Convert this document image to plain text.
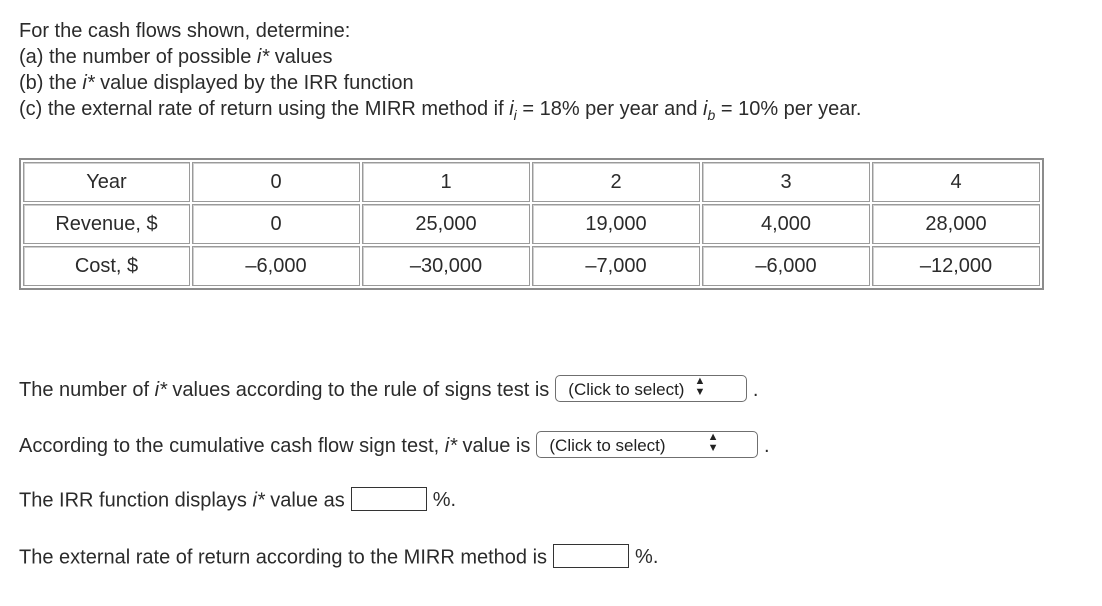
For the cash flows shown, determine:
(a) the number of possible i* values
(b) the i* value displayed by the IRR function
(c) the external rate of return using the MIRR method if $i_i = 18\%$ per year and $i_b = 10\%$ per year.
Year	0	1	2	3	4
Revenue, $	0	25,000	19,000	4,000	28,000
Cost, $	–6,000	–30,000	–7,000	–6,000	–12,000
The number of i* values according to the rule of signs test is (Click to select) ▲
▼ .
According to the cumulative cash flow sign test, i* value is (Click to select)	▲
▼ .
The IRR function displays i* value as	%.
The external rate of return according to the MIRR method is	%.
